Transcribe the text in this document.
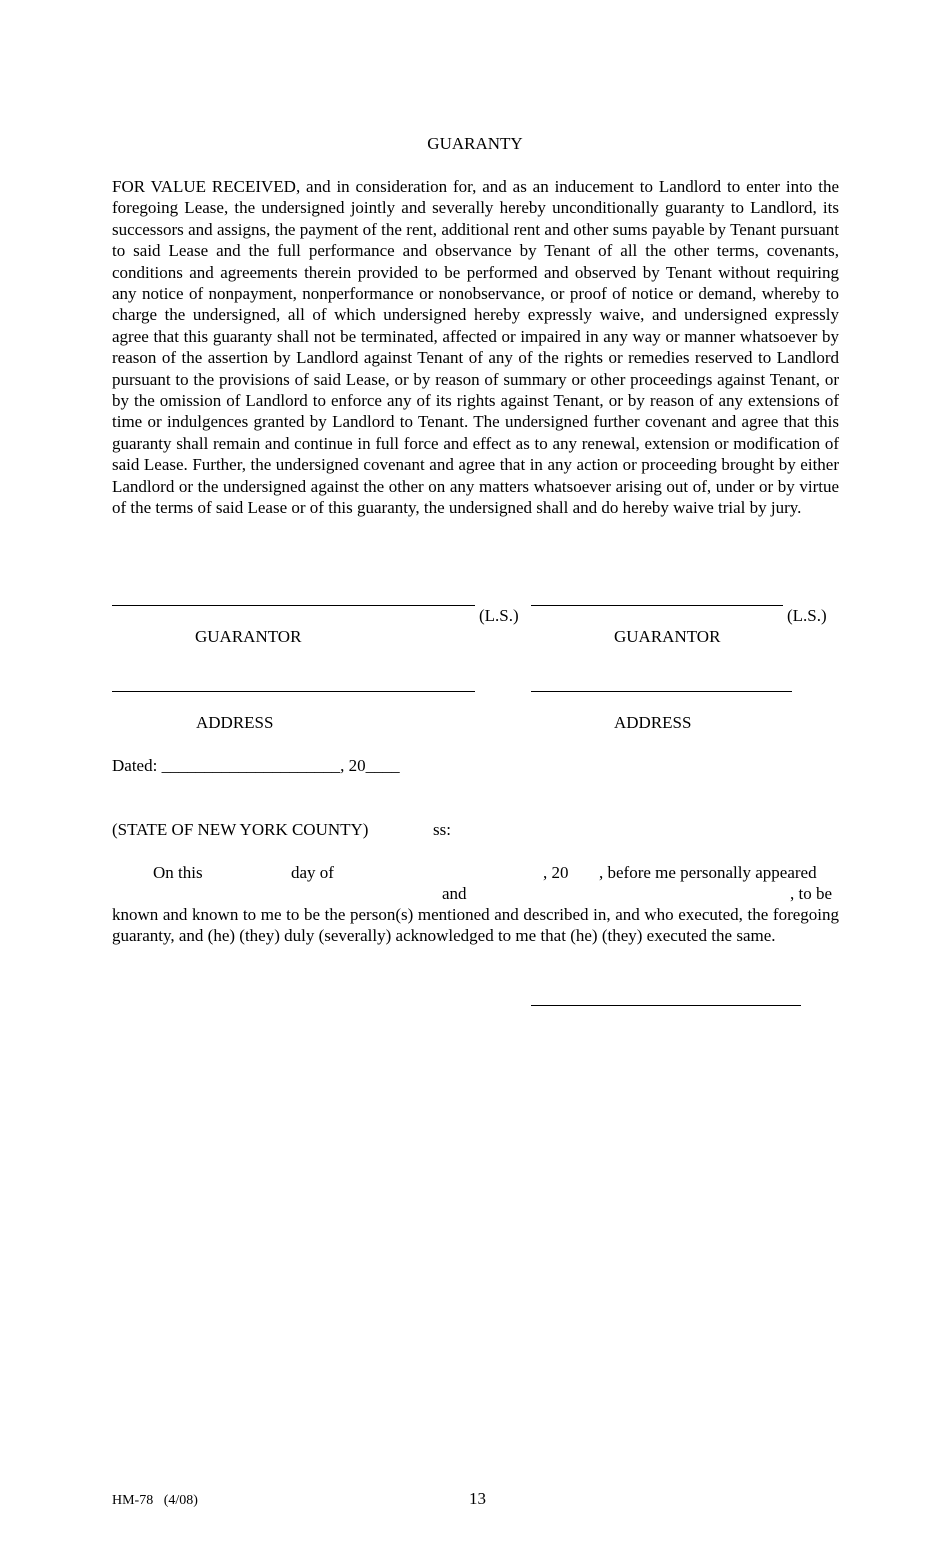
GUARANTY
FOR VALUE RECEIVED, and in consideration for, and as an inducement to Landlord to enter into the foregoing Lease, the undersigned jointly and severally hereby unconditionally guaranty to Landlord, its successors and assigns, the payment of the rent, additional rent and other sums payable by Tenant pursuant to said Lease and the full performance and observance by Tenant of all the other terms, covenants, conditions and agreements therein provided to be performed and observed by Tenant without requiring any notice of nonpayment, nonperformance or nonobservance, or proof of notice or demand, whereby to charge the undersigned, all of which undersigned hereby expressly waive, and undersigned expressly agree that this guaranty shall not be terminated, affected or impaired in any way or manner whatsoever by reason of the assertion by Landlord against Tenant of any of the rights or remedies reserved to Landlord pursuant to the provisions of said Lease, or by reason of summary or other proceedings against Tenant, or by the omission of Landlord to enforce any of its rights against Tenant, or by reason of any extensions of time or indulgences granted by Landlord to Tenant. The undersigned further covenant and agree that this guaranty shall remain and continue in full force and effect as to any renewal, extension or modification of said Lease. Further, the undersigned covenant and agree that in any action or proceeding brought by either Landlord or the undersigned against the other on any matters whatsoever arising out of, under or by virtue of the terms of said Lease or of this guaranty, the undersigned shall and do hereby waive trial by jury.
(L.S.)	(L.S.)
GUARANTOR	GUARANTOR
ADDRESS	ADDRESS
Dated: _____________________, 20____
(STATE OF NEW YORK COUNTY)	ss:
On this	day of	, 20 , before me personally appeared
and	, to be
known and known to me to be the person(s) mentioned and described in, and who executed, the foregoing guaranty, and (he) (they) duly (severally) acknowledged to me that (he) (they) executed the same.
HM-78   (4/08)	13
